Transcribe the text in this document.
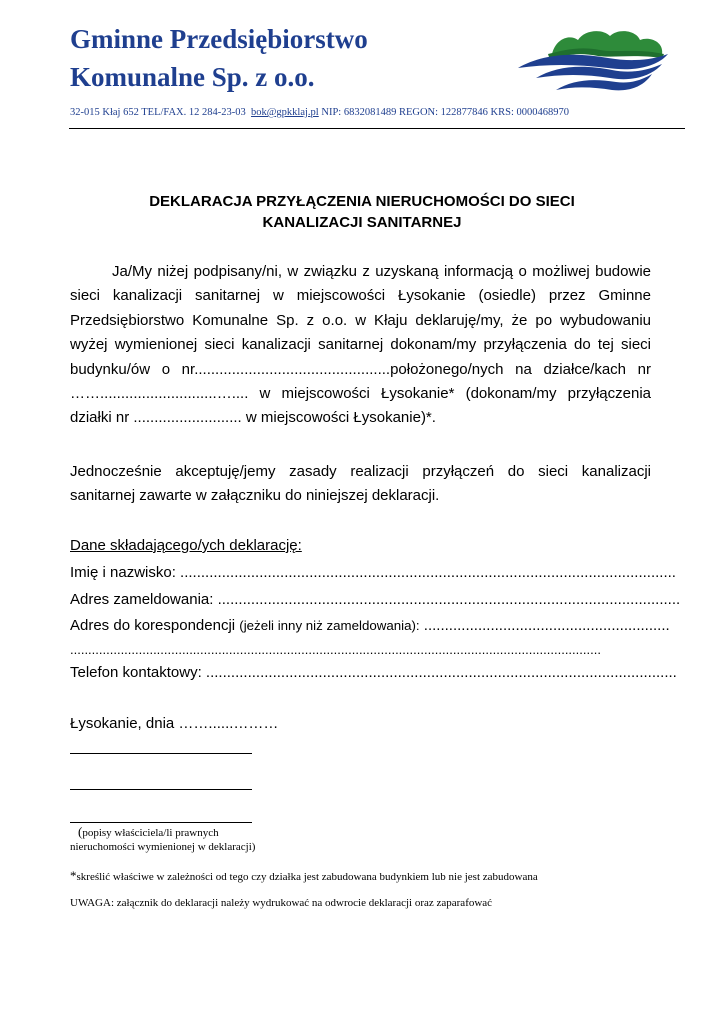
Gminne Przedsiębiorstwo
Komunalne Sp. z o.o.
32-015 Kłaj 652 TEL/FAX. 12 284-23-03 bok@gpkklaj.pl NIP: 6832081489 REGON: 122877846 KRS: 0000468970
DEKLARACJA PRZYŁĄCZENIA NIERUCHOMOŚCI DO SIECI
KANALIZACJI SANITARNEJ
Ja/My niżej podpisany/ni, w związku z uzyskaną informacją o możliwej budowie sieci kanalizacji sanitarnej w miejscowości Łysokanie (osiedle) przez Gminne Przedsiębiorstwo Komunalne Sp. z o.o. w Kłaju deklaruję/my, że po wybudowaniu wyżej wymienionej sieci kanalizacji sanitarnej dokonam/my przyłączenia do tej sieci budynku/ów o nr...............................................położonego/nych na działce/kach nr ……............................….... w miejscowości Łysokanie* (dokonam/my przyłączenia działki nr .......................... w miejscowości Łysokanie)*.
Jednocześnie akceptuję/jemy zasady realizacji przyłączeń do sieci kanalizacji sanitarnej zawarte w załączniku do niniejszej deklaracji.
Dane składającego/ych deklarację:
Imię i nazwisko: .......................................................................................................................
Adres zameldowania: ...............................................................................................................
Adres do korespondencji (jeżeli inny niż zameldowania): ...........................................................
...................................................................................................................................................
Telefon kontaktowy: .................................................................................................................
Łysokanie, dnia ……......………
(popisy właściciela/li prawnych
nieruchomości wymienionej w deklaracji)
*skreślić właściwe w zależności od tego czy działka jest zabudowana budynkiem lub nie jest zabudowana
UWAGA: załącznik do deklaracji należy wydrukować na odwrocie deklaracji oraz zaparafować
